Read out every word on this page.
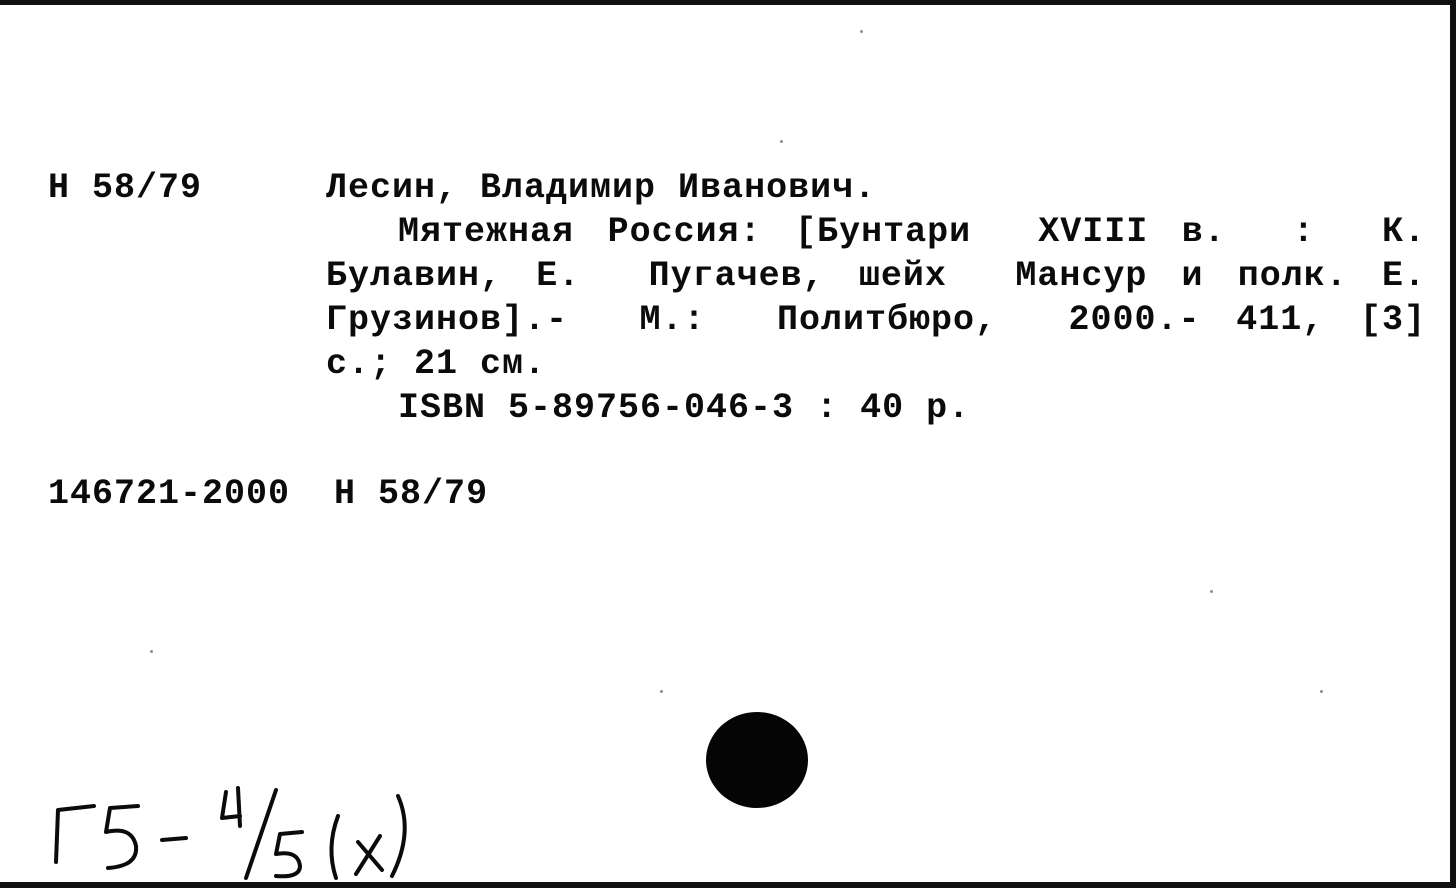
Н 58/79	Лесин, Владимир Иванович.
Мятежная Россия: [Бунтари  XVIII в.  :  К.
Булавин, Е.  Пугачев, шейх  Мансур и полк. Е.
Грузинов].-  М.:  Политбюро,  2000.- 411, [3]
с.; 21 см.
ISBN 5-89756-046-3 : 40 р.
146721-2000  Н 58/79
